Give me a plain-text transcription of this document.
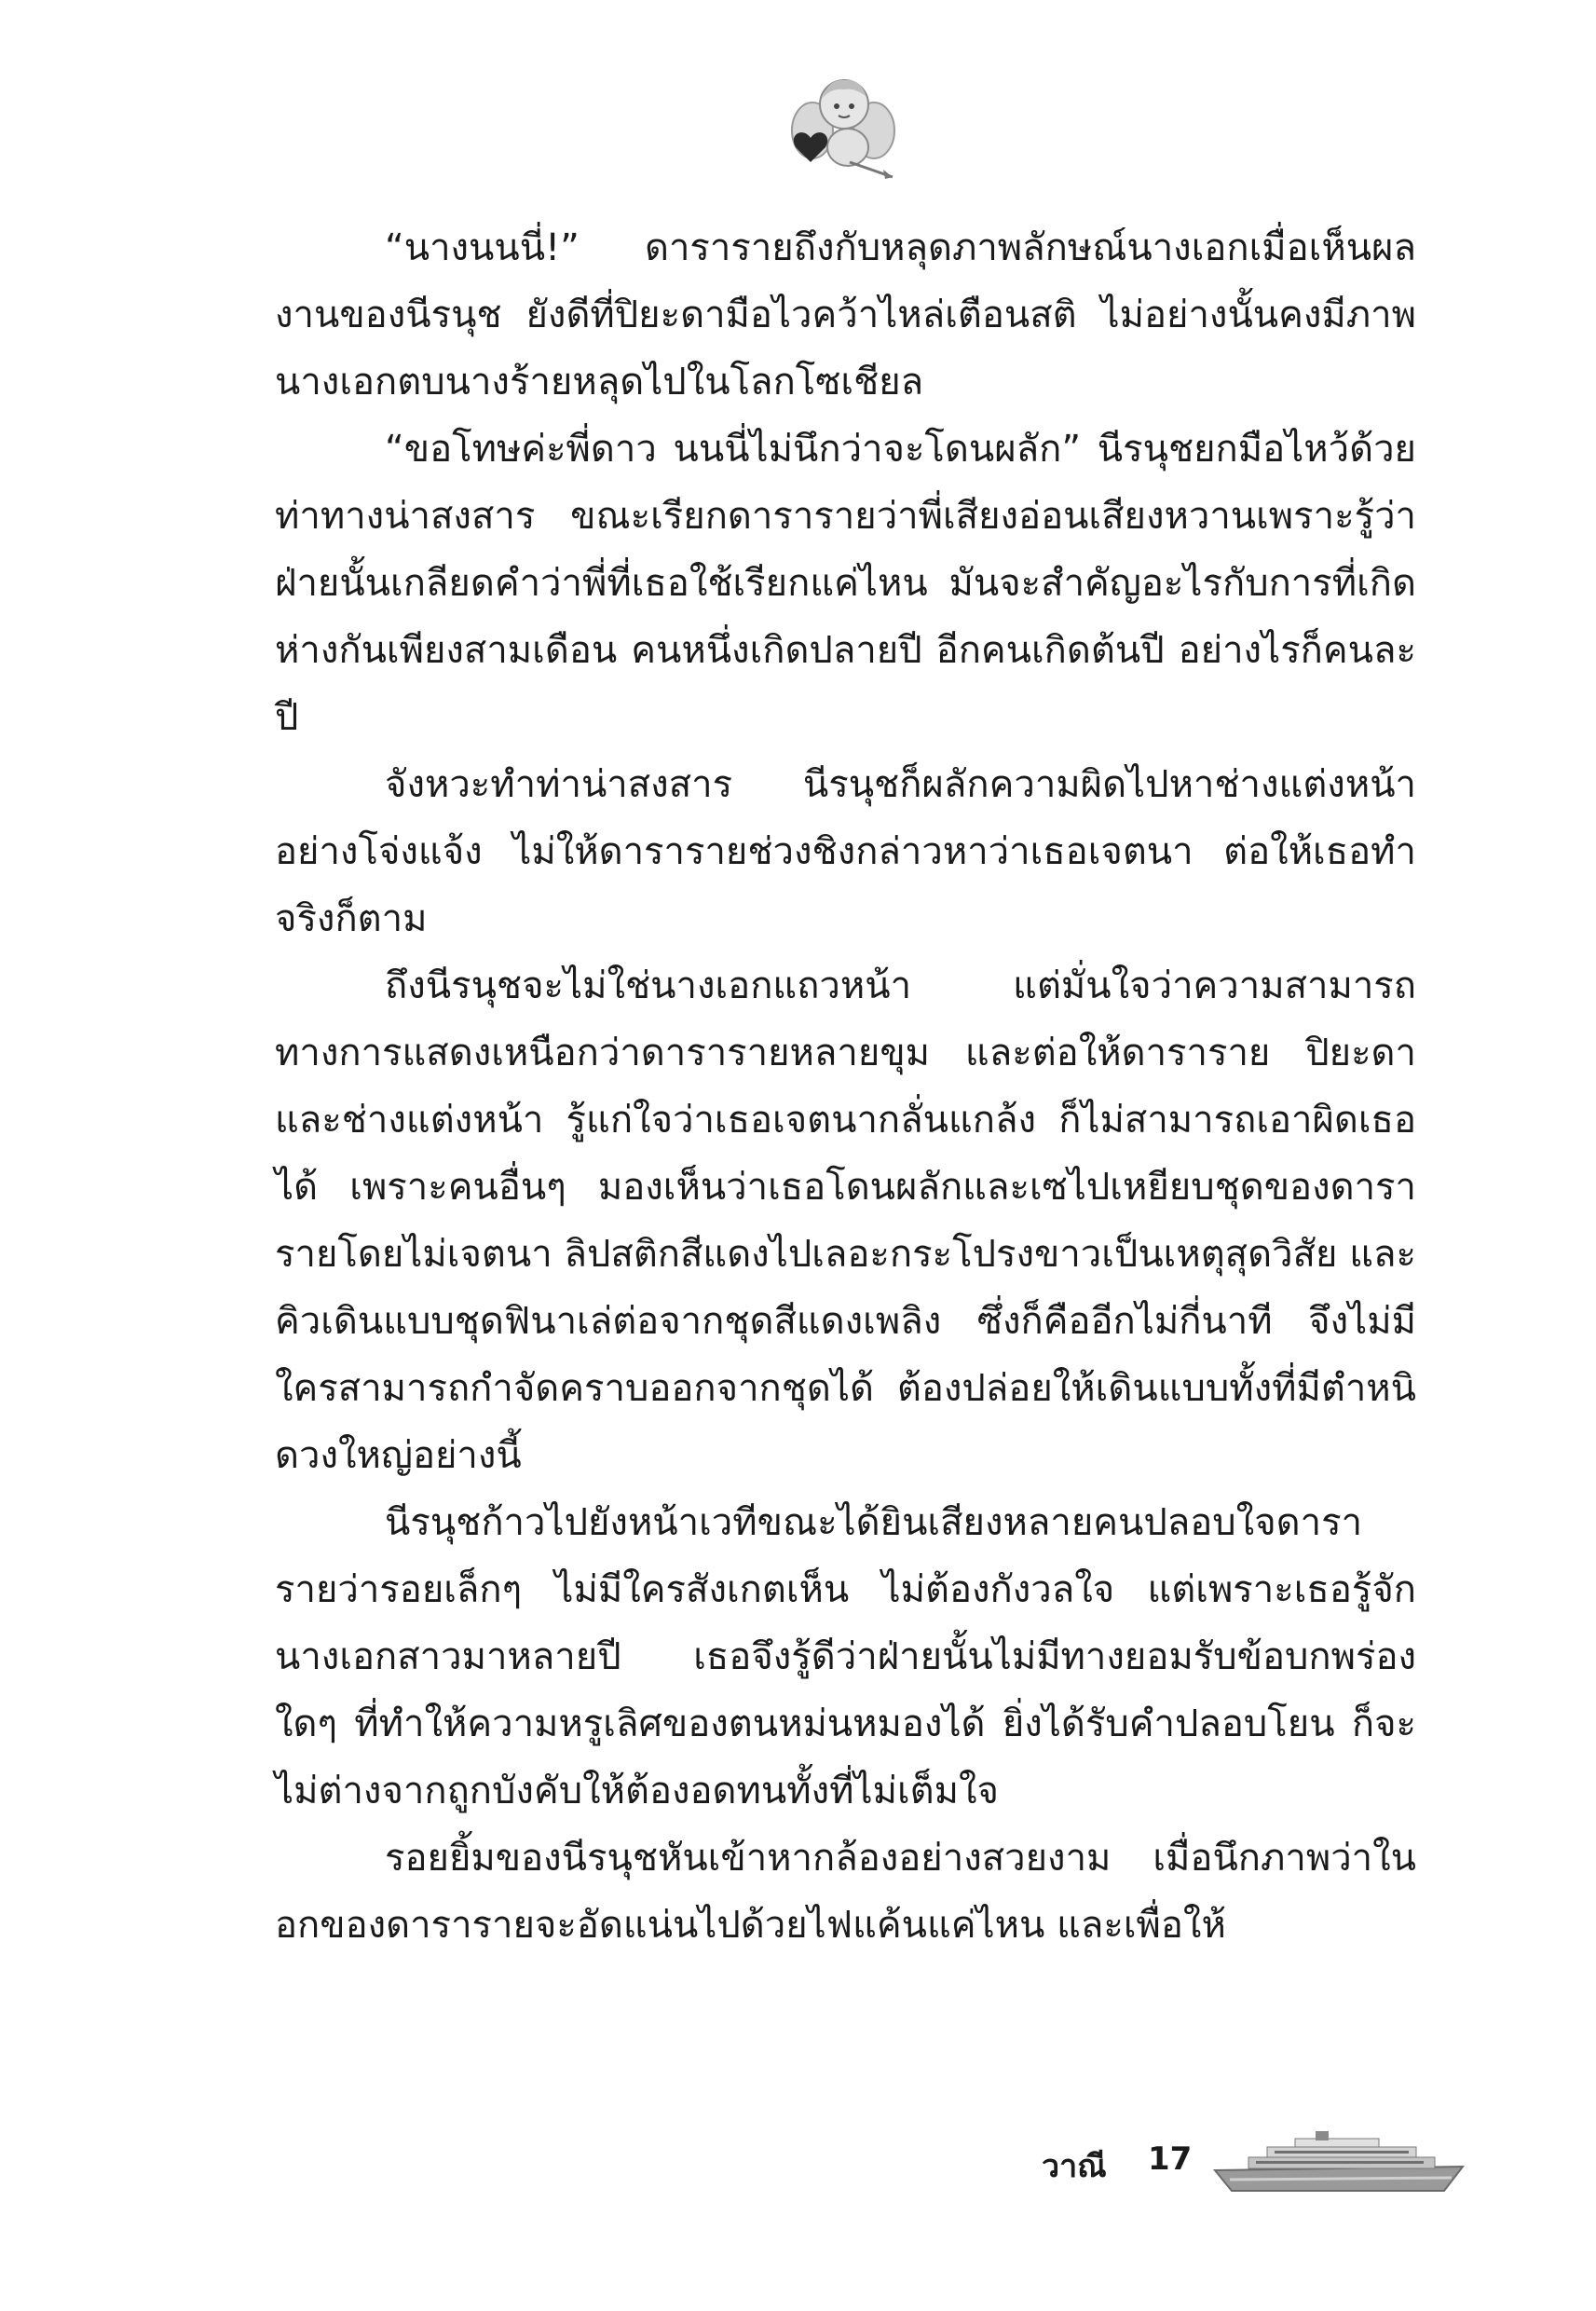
“นางนนนี่!” ดารารายถึงกับหลุดภาพลักษณ์นางเอกเมื่อเห็นผลงานของนีรนุช ยังดีที่ปิยะดามือไวคว้าไหล่เตือนสติ ไม่อย่างนั้นคงมีภาพนางเอกตบนางร้ายหลุดไปในโลกโซเชียล

“ขอโทษค่ะพี่ดาว นนนี่ไม่นึกว่าจะโดนผลัก” นีรนุชยกมือไหว้ด้วยท่าทางน่าสงสาร ขณะเรียกดารารายว่าพี่เสียงอ่อนเสียงหวานเพราะรู้ว่าฝ่ายนั้นเกลียดคำว่าพี่ที่เธอใช้เรียกแค่ไหน มันจะสำคัญอะไรกับการที่เกิดห่างกันเพียงสามเดือน คนหนึ่งเกิดปลายปี อีกคนเกิดต้นปี อย่างไรก็คนละปี

จังหวะทำท่าน่าสงสาร นีรนุชก็ผลักความผิดไปหาช่างแต่งหน้าอย่างโจ่งแจ้ง ไม่ให้ดารารายช่วงชิงกล่าวหาว่าเธอเจตนา ต่อให้เธอทำจริงก็ตาม

ถึงนีรนุชจะไม่ใช่นางเอกแถวหน้า แต่มั่นใจว่าความสามารถทางการแสดงเหนือกว่าดารารายหลายขุม และต่อให้ดาราราย ปิยะดาและช่างแต่งหน้า รู้แก่ใจว่าเธอเจตนากลั่นแกล้ง ก็ไม่สามารถเอาผิดเธอได้ เพราะคนอื่นๆ มองเห็นว่าเธอโดนผลักและเซไปเหยียบชุดของดารารายโดยไม่เจตนา ลิปสติกสีแดงไปเลอะกระโปรงขาวเป็นเหตุสุดวิสัย และคิวเดินแบบชุดฟินาเล่ต่อจากชุดสีแดงเพลิง ซึ่งก็คืออีกไม่กี่นาที จึงไม่มีใครสามารถกำจัดคราบออกจากชุดได้ ต้องปล่อยให้เดินแบบทั้งที่มีตำหนิดวงใหญ่อย่างนี้

นีรนุชก้าวไปยังหน้าเวทีขณะได้ยินเสียงหลายคนปลอบใจดารารายว่ารอยเล็กๆ ไม่มีใครสังเกตเห็น ไม่ต้องกังวลใจ แต่เพราะเธอรู้จักนางเอกสาวมาหลายปี เธอจึงรู้ดีว่าฝ่ายนั้นไม่มีทางยอมรับข้อบกพร่องใดๆ ที่ทำให้ความหรูเลิศของตนหม่นหมองได้ ยิ่งได้รับคำปลอบโยน ก็จะไม่ต่างจากถูกบังคับให้ต้องอดทนทั้งที่ไม่เต็มใจ

รอยยิ้มของนีรนุชหันเข้าหากล้องอย่างสวยงาม เมื่อนึกภาพว่าในอกของดารารายจะอัดแน่นไปด้วยไฟแค้นแค่ไหน และเพื่อให้

วาณี 17
